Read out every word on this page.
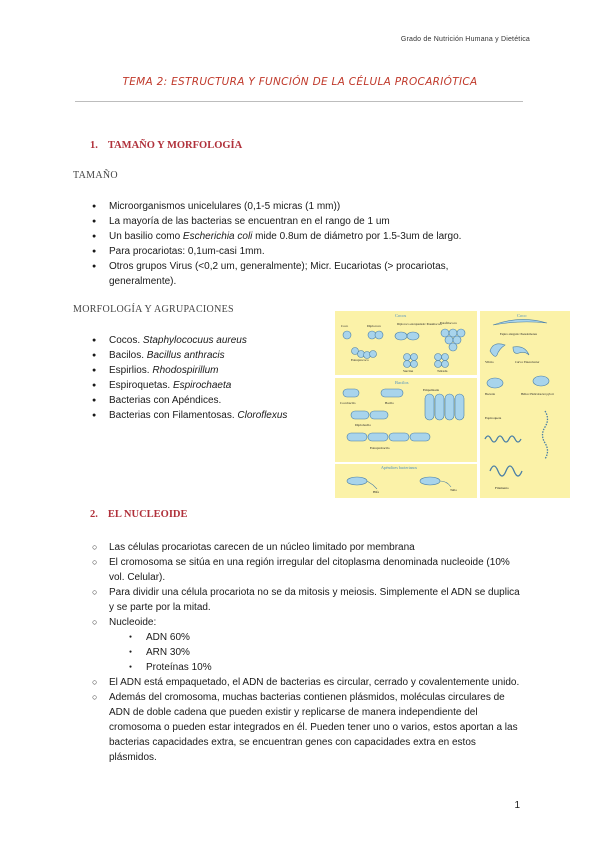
Grado de Nutrición Humana y Dietética
TEMA 2: ESTRUCTURA Y FUNCIÓN DE LA CÉLULA PROCARIÓTICA
1. TAMAÑO Y MORFOLOGÍA
TAMAÑO
● Microorganismos unicelulares (0,1-5 micras (1 mm))
● La mayoría de las bacterias se encuentran en el rango de 1 um
● Un basilio como Escherichia coli mide 0.8um de diámetro por 1.5-3um de largo.
● Para procariotas: 0,1um-casi 1mm.
● Otros grupos Virus (<0,2 um, generalmente); Micr. Eucariotas (> procariotas, generalmente).
MORFOLOGÍA Y AGRUPACIONES
● Cocos. Staphylococuus aureus
● Bacilos. Bacillus anthracis
● Espirlios. Rhodospirillum
● Espiroquetas. Espirochaeta
● Bacterias con Apéndices.
● Bacterias con Filamentosas. Cloroflexus
Cocos
Coco	Diplococo	Diplococo encapsulado: Pneumococo
Estafilococo
Estreptococo
Sarcina	Tétrada
Bacilos
Cocobacilo	Bacilo
Empalizada
Diplobacilo
Estreptobacilo
Apéndices bacterianos
Hifa	Tallo
Coco
Espiro alargado: Pseudomonas
Vibrio	Curvo: Enterobacter
Bacteria	Hélice: Helicobacter pylori
Espiroqueta
Filamento
2. EL NUCLEOIDE
○ Las células procariotas carecen de un núcleo limitado por membrana
○ El cromosoma se sitúa en una región irregular del citoplasma denominada nucleoide (10% vol. Celular).
○ Para dividir una célula procariota no se da mitosis y meiosis. Simplemente el ADN se duplica y se parte por la mitad.
○ Nucleoide:
● ADN 60%
● ARN 30%
● Proteínas 10%
○ El ADN está empaquetado, el ADN de bacterias es circular, cerrado y covalentemente unido.
○ Además del cromosoma, muchas bacterias contienen plásmidos, moléculas circulares de ADN de doble cadena que pueden existir y replicarse de manera independiente del cromosoma o pueden estar integrados en él. Pueden tener uno o varios, estos aportan a las bacterias capacidades extra, se encuentran genes con capacidades extra en estos plásmidos.
1
